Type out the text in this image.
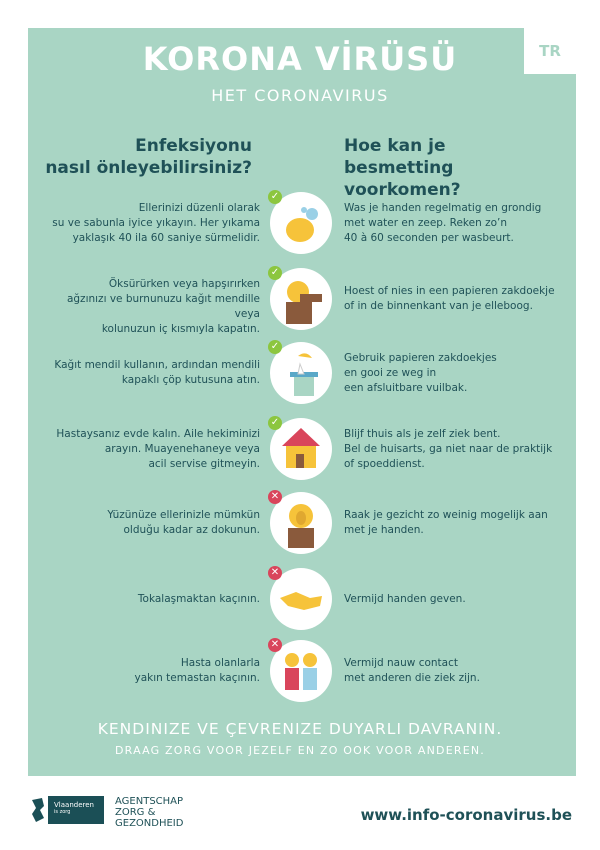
TR
KORONA VİRÜSÜ
HET CORONAVIRUS
Enfeksiyonu
nasıl önleyebilirsiniz?
Hoe kan je
besmetting voorkomen?
Ellerinizi düzenli olarak
su ve sabunla iyice yıkayın. Her yıkama
yaklaşık 40 ila 60 saniye sürmelidir.
✓
Was je handen regelmatig en grondig
met water en zeep. Reken zo’n
40 à 60 seconden per wasbeurt.
Öksürürken veya hapşırırken
ağzınızı ve burnunuzu kağıt mendille veya
kolunuzun iç kısmıyla kapatın.
✓
Hoest of nies in een papieren zakdoekje
of in de binnenkant van je elleboog.
Kağıt mendil kullanın, ardından mendili
kapaklı çöp kutusuna atın.
✓
Gebruik papieren zakdoekjes
en gooi ze weg in
een afsluitbare vuilbak.
Hastaysanız evde kalın. Aile hekiminizi
arayın. Muayenehaneye veya
acil servise gitmeyin.
✓
Blijf thuis als je zelf ziek bent.
Bel de huisarts, ga niet naar de praktijk
of spoeddienst.
Yüzünüze ellerinizle mümkün
olduğu kadar az dokunun.
✕
Raak je gezicht zo weinig mogelijk aan
met je handen.
Tokalaşmaktan kaçının.
✕
Vermijd handen geven.
Hasta olanlarla
yakın temastan kaçının.
✕
Vermijd nauw contact
met anderen die ziek zijn.
KENDINIZE VE ÇEVRENIZE DUYARLI DAVRANIN.
DRAAG ZORG VOOR JEZELF EN ZO OOK VOOR ANDEREN.
Vlaanderen
is zorg
AGENTSCHAP
ZORG &
GEZONDHEID	www.info-coronavirus.be
